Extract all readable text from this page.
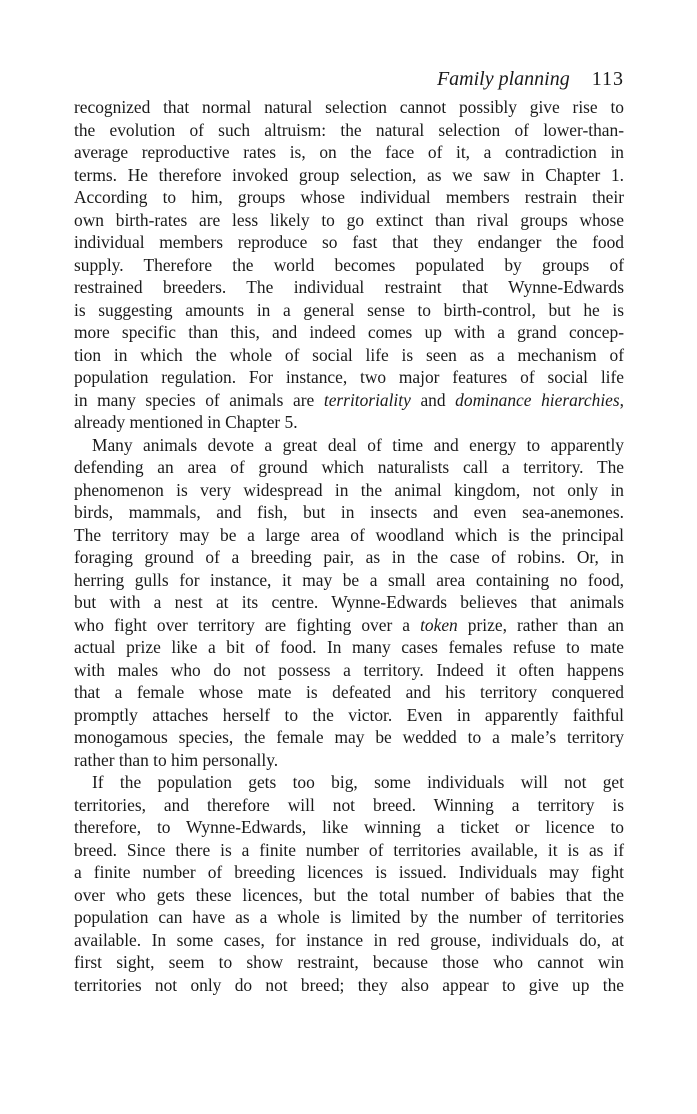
Family planning 113
recognized that normal natural selection cannot possibly give rise to
the evolution of such altruism: the natural selection of lower-than-
average reproductive rates is, on the face of it, a contradiction in
terms. He therefore invoked group selection, as we saw in Chapter 1.
According to him, groups whose individual members restrain their
own birth-rates are less likely to go extinct than rival groups whose
individual members reproduce so fast that they endanger the food
supply. Therefore the world becomes populated by groups of
restrained breeders. The individual restraint that Wynne-Edwards
is suggesting amounts in a general sense to birth-control, but he is
more specific than this, and indeed comes up with a grand concep-
tion in which the whole of social life is seen as a mechanism of
population regulation. For instance, two major features of social life
in many species of animals are territoriality and dominance hierarchies,
already mentioned in Chapter 5.
Many animals devote a great deal of time and energy to apparently
defending an area of ground which naturalists call a territory. The
phenomenon is very widespread in the animal kingdom, not only in
birds, mammals, and fish, but in insects and even sea-anemones.
The territory may be a large area of woodland which is the principal
foraging ground of a breeding pair, as in the case of robins. Or, in
herring gulls for instance, it may be a small area containing no food,
but with a nest at its centre. Wynne-Edwards believes that animals
who fight over territory are fighting over a token prize, rather than an
actual prize like a bit of food. In many cases females refuse to mate
with males who do not possess a territory. Indeed it often happens
that a female whose mate is defeated and his territory conquered
promptly attaches herself to the victor. Even in apparently faithful
monogamous species, the female may be wedded to a male’s territory
rather than to him personally.
If the population gets too big, some individuals will not get
territories, and therefore will not breed. Winning a territory is
therefore, to Wynne-Edwards, like winning a ticket or licence to
breed. Since there is a finite number of territories available, it is as if
a finite number of breeding licences is issued. Individuals may fight
over who gets these licences, but the total number of babies that the
population can have as a whole is limited by the number of territories
available. In some cases, for instance in red grouse, individuals do, at
first sight, seem to show restraint, because those who cannot win
territories not only do not breed; they also appear to give up the
